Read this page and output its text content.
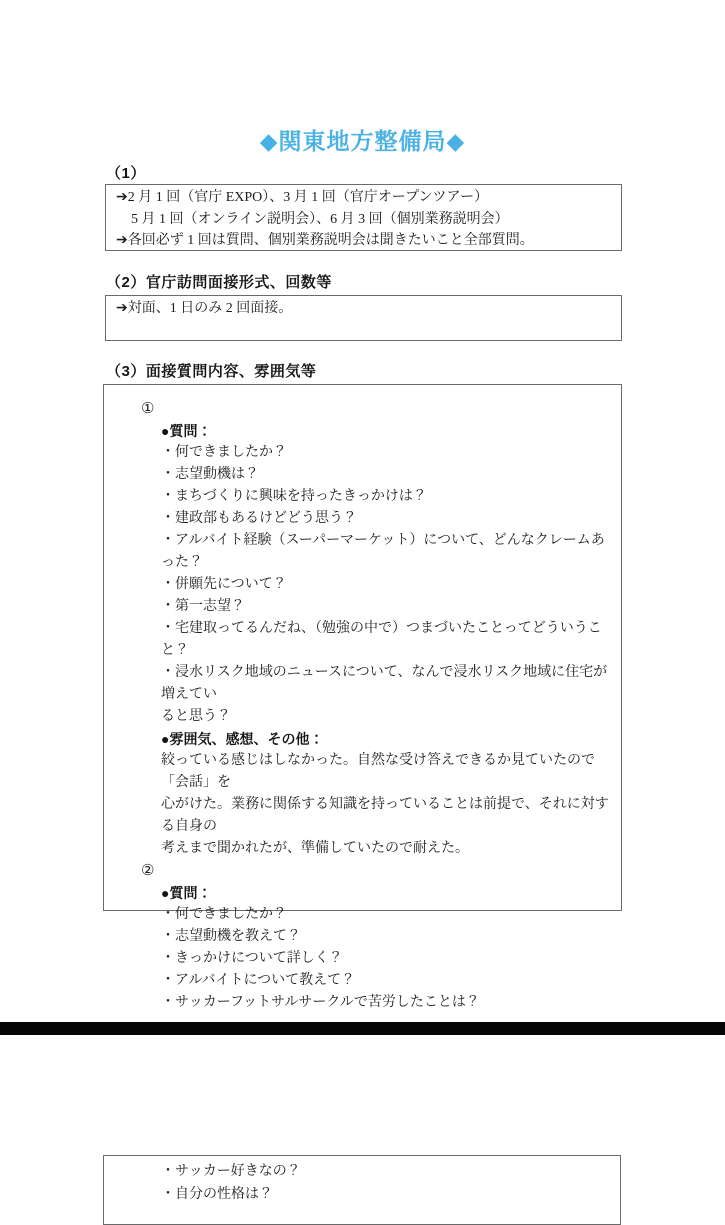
◆関東地方整備局◆
（1）
➔2 月 1 回（官庁 EXPO）、3 月 1 回（官庁オープンツアー）
5 月 1 回（オンライン説明会）、6 月 3 回（個別業務説明会）
➔各回必ず 1 回は質問、個別業務説明会は聞きたいこと全部質問。
（2）官庁訪問面接形式、回数等
➔対面、1 日のみ 2 回面接。
（3）面接質問内容、雰囲気等
①
●質問：
・何できましたか？
・志望動機は？
・まちづくりに興味を持ったきっかけは？
・建政部もあるけどどう思う？
・アルバイト経験（スーパーマーケット）について、どんなクレームあった？
・併願先について？
・第一志望？
・宅建取ってるんだね、（勉強の中で）つまづいたことってどういうこと？
・浸水リスク地域のニュースについて、なんで浸水リスク地域に住宅が増えてい
ると思う？
●雰囲気、感想、その他：
絞っている感じはしなかった。自然な受け答えできるか見ていたので「会話」を
心がけた。業務に関係する知識を持っていることは前提で、それに対する自身の
考えまで聞かれたが、準備していたので耐えた。
②
●質問：
・何できましたか？
・志望動機を教えて？
・きっかけについて詳しく？
・アルバイトについて教えて？
・サッカーフットサルサークルで苦労したことは？
・サッカー好きなの？
・自分の性格は？
